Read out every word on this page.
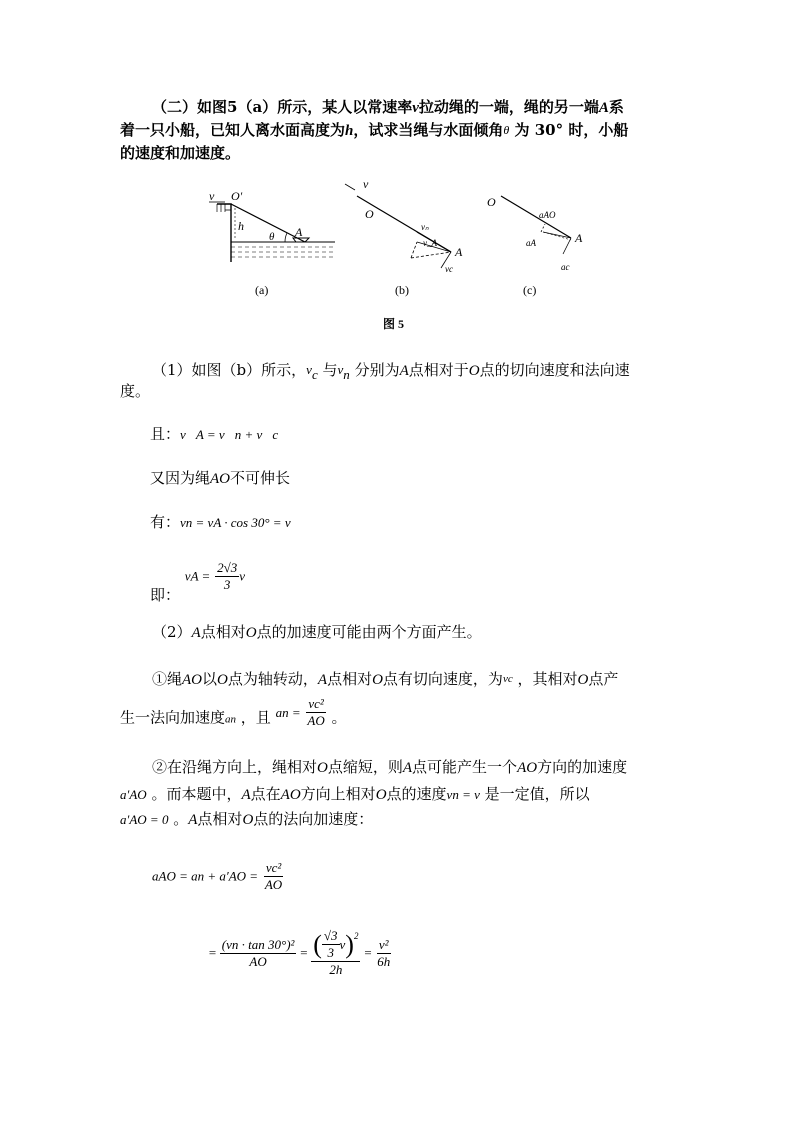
（二）如图5（a）所示，某人以常速率v拉动绳的一端，绳的另一端A系
着一只小船，已知人离水面高度为h，试求当绳与水面倾角$^\theta$ 为 30° 时，小船
的速度和加速度。
v O'
h
θ A
(a)
v
O
vₙ
v_A
A
vc
(b)
O
aAO
aA	A
ac
(c)
图 5
（1）如图（b）所示，$v_c$ 与$v_n$ 分别为A点相对于O点的切向速度和法向速
度。
且：v⃗A = v⃗n + v⃗c
又因为绳AO不可伸长
有：vn = vA · cos 30° = v
即： vA = $\frac{2√3}{3}$ v
（2）A点相对O点的加速度可能由两个方面产生。
①绳AO以O点为轴转动，A点相对O点有切向速度，为$^{vc}$ ，其相对O点产
生一法向加速度an ，且 an = $\frac{\text{vc²}}{AO}$ 。
②在沿绳方向上，绳相对O点缩短，则A点可能产生一个AO方向的加速度
a′AO 。而本题中，A点在AO方向上相对O点的速度vn = v 是一定值，所以
a′AO = 0 。A点相对O点的法向加速度：
aAO = an + $a'AO = \frac{\text{vc²}}{AO}$
= $\frac{\text{(vn · tan 30°)²}}{AO} = \frac{( \frac{√3}{3} v )^2}{2h} = \frac{\text{v²}}{6h}$
